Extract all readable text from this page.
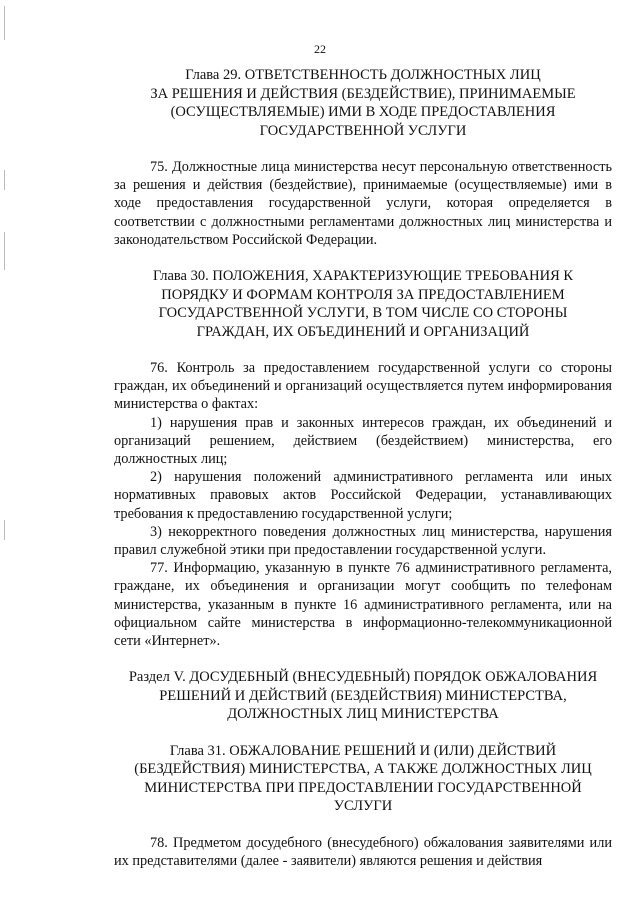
22
Глава 29. ОТВЕТСТВЕННОСТЬ ДОЛЖНОСТНЫХ ЛИЦ
ЗА РЕШЕНИЯ И ДЕЙСТВИЯ (БЕЗДЕЙСТВИЕ), ПРИНИМАЕМЫЕ
(ОСУЩЕСТВЛЯЕМЫЕ) ИМИ В ХОДЕ ПРЕДОСТАВЛЕНИЯ
ГОСУДАРСТВЕННОЙ УСЛУГИ

75. Должностные лица министерства несут персональную ответственность за решения и действия (бездействие), принимаемые (осуществляемые) ими в ходе предоставления государственной услуги, которая определяется в соответствии с должностными регламентами должностных лиц министерства и законодательством Российской Федерации.

Глава 30. ПОЛОЖЕНИЯ, ХАРАКТЕРИЗУЮЩИЕ ТРЕБОВАНИЯ К
ПОРЯДКУ И ФОРМАМ КОНТРОЛЯ ЗА ПРЕДОСТАВЛЕНИЕМ
ГОСУДАРСТВЕННОЙ УСЛУГИ, В ТОМ ЧИСЛЕ СО СТОРОНЫ
ГРАЖДАН, ИХ ОБЪЕДИНЕНИЙ И ОРГАНИЗАЦИЙ

76. Контроль за предоставлением государственной услуги со стороны граждан, их объединений и организаций осуществляется путем информирования министерства о фактах:

1) нарушения прав и законных интересов граждан, их объединений и организаций решением, действием (бездействием) министерства, его должностных лиц;

2) нарушения положений административного регламента или иных нормативных правовых актов Российской Федерации, устанавливающих требования к предоставлению государственной услуги;

3) некорректного поведения должностных лиц министерства, нарушения правил служебной этики при предоставлении государственной услуги.

77. Информацию, указанную в пункте 76 административного регламента, граждане, их объединения и организации могут сообщить по телефонам министерства, указанным в пункте 16 административного регламента, или на официальном сайте министерства в информационно-телекоммуникационной сети «Интернет».

Раздел V. ДОСУДЕБНЫЙ (ВНЕСУДЕБНЫЙ) ПОРЯДОК ОБЖАЛОВАНИЯ
РЕШЕНИЙ И ДЕЙСТВИЙ (БЕЗДЕЙСТВИЯ) МИНИСТЕРСТВА,
ДОЛЖНОСТНЫХ ЛИЦ МИНИСТЕРСТВА
Глава 31. ОБЖАЛОВАНИЕ РЕШЕНИЙ И (ИЛИ) ДЕЙСТВИЙ
(БЕЗДЕЙСТВИЯ) МИНИСТЕРСТВА, А ТАКЖЕ ДОЛЖНОСТНЫХ ЛИЦ
МИНИСТЕРСТВА ПРИ ПРЕДОСТАВЛЕНИИ ГОСУДАРСТВЕННОЙ
УСЛУГИ

78. Предметом досудебного (внесудебного) обжалования заявителями или их представителями (далее - заявители) являются решения и действия
